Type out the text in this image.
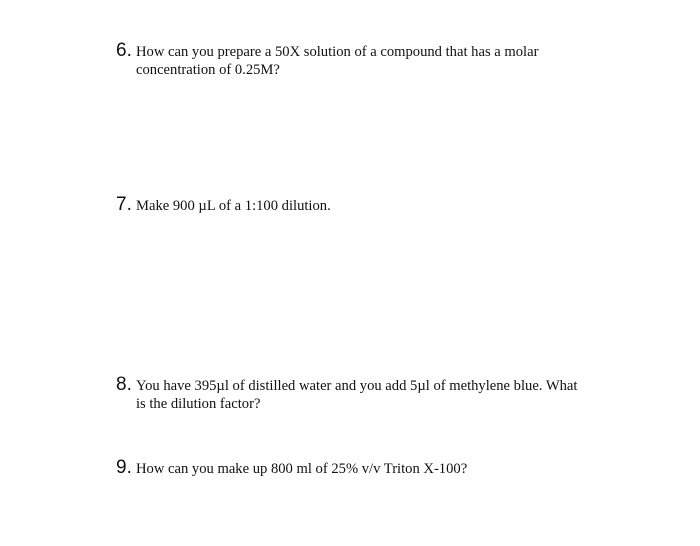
6. How can you prepare a 50X solution of a compound that has a molar
concentration of 0.25M?
7. Make 900 µL of a 1:100 dilution.
8. You have 395µl of distilled water and you add 5µl of methylene blue. What
is the dilution factor?
9. How can you make up 800 ml of 25% v/v Triton X-100?
